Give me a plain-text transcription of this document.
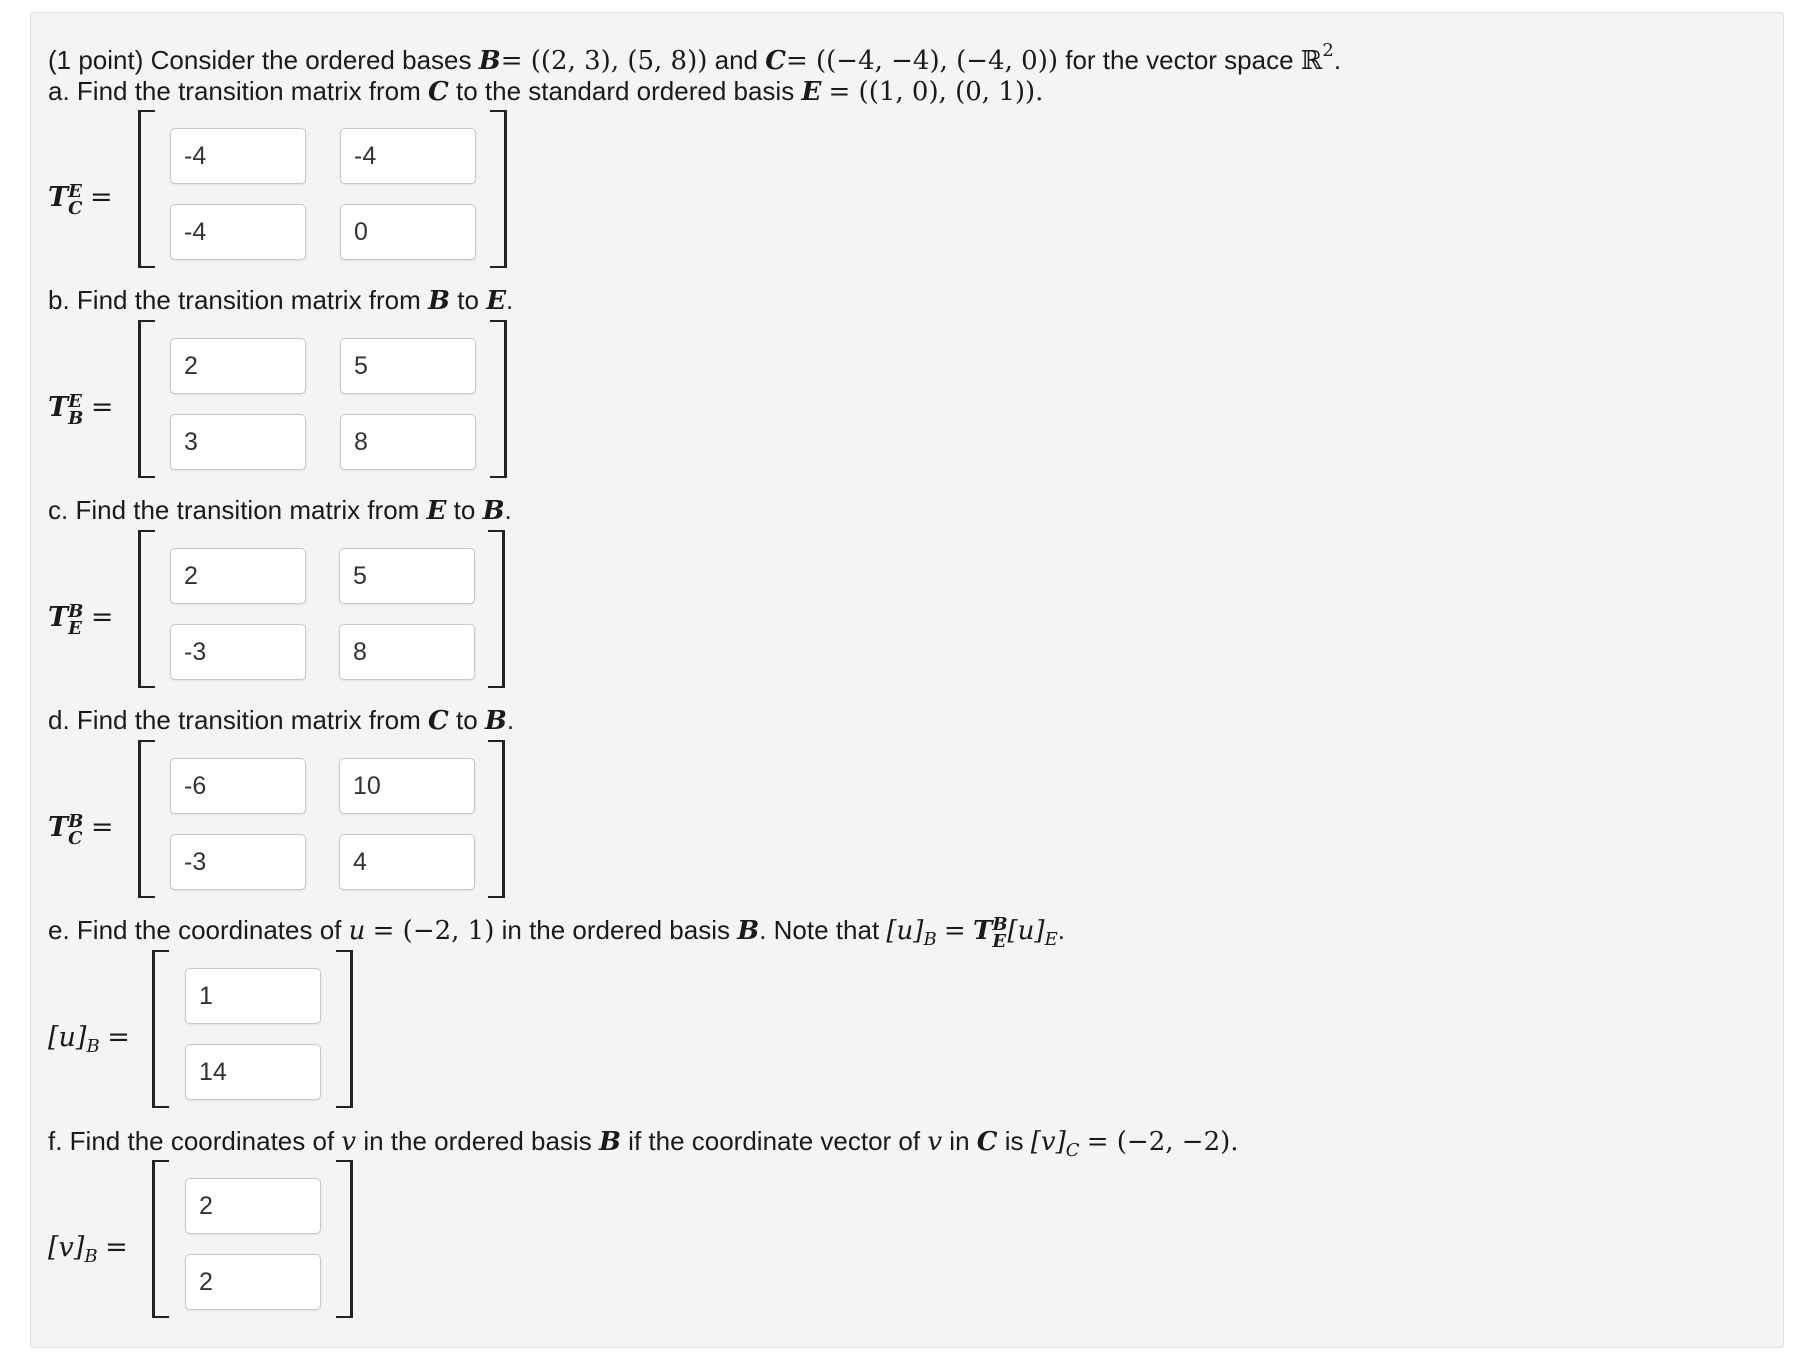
(1 point) Consider the ordered bases B= ((2, 3), (5, 8)) and C= ((−4, −4), (−4, 0)) for the vector space ℝ$^2$.
a. Find the transition matrix from C to the standard ordered basis E = ((1, 0), (0, 1)).
TE
C =
-4
-4
-4
0
b. Find the transition matrix from B to E.
TE
B =
2
5
3
8
c. Find the transition matrix from E to B.
TB
E =
2
5
-3
8
d. Find the transition matrix from C to B.
TB
C =
-6
10
-3
4
e. Find the coordinates of u = (−2, 1) in the ordered basis B. Note that $[u]_B$ = TB
$E[u]_E$.
$[u]_B$ =
1
14
f. Find the coordinates of v in the ordered basis B if the coordinate vector of v in C is $[v]_C = (-2$, −2).
$[v]_B$ =
2
2
